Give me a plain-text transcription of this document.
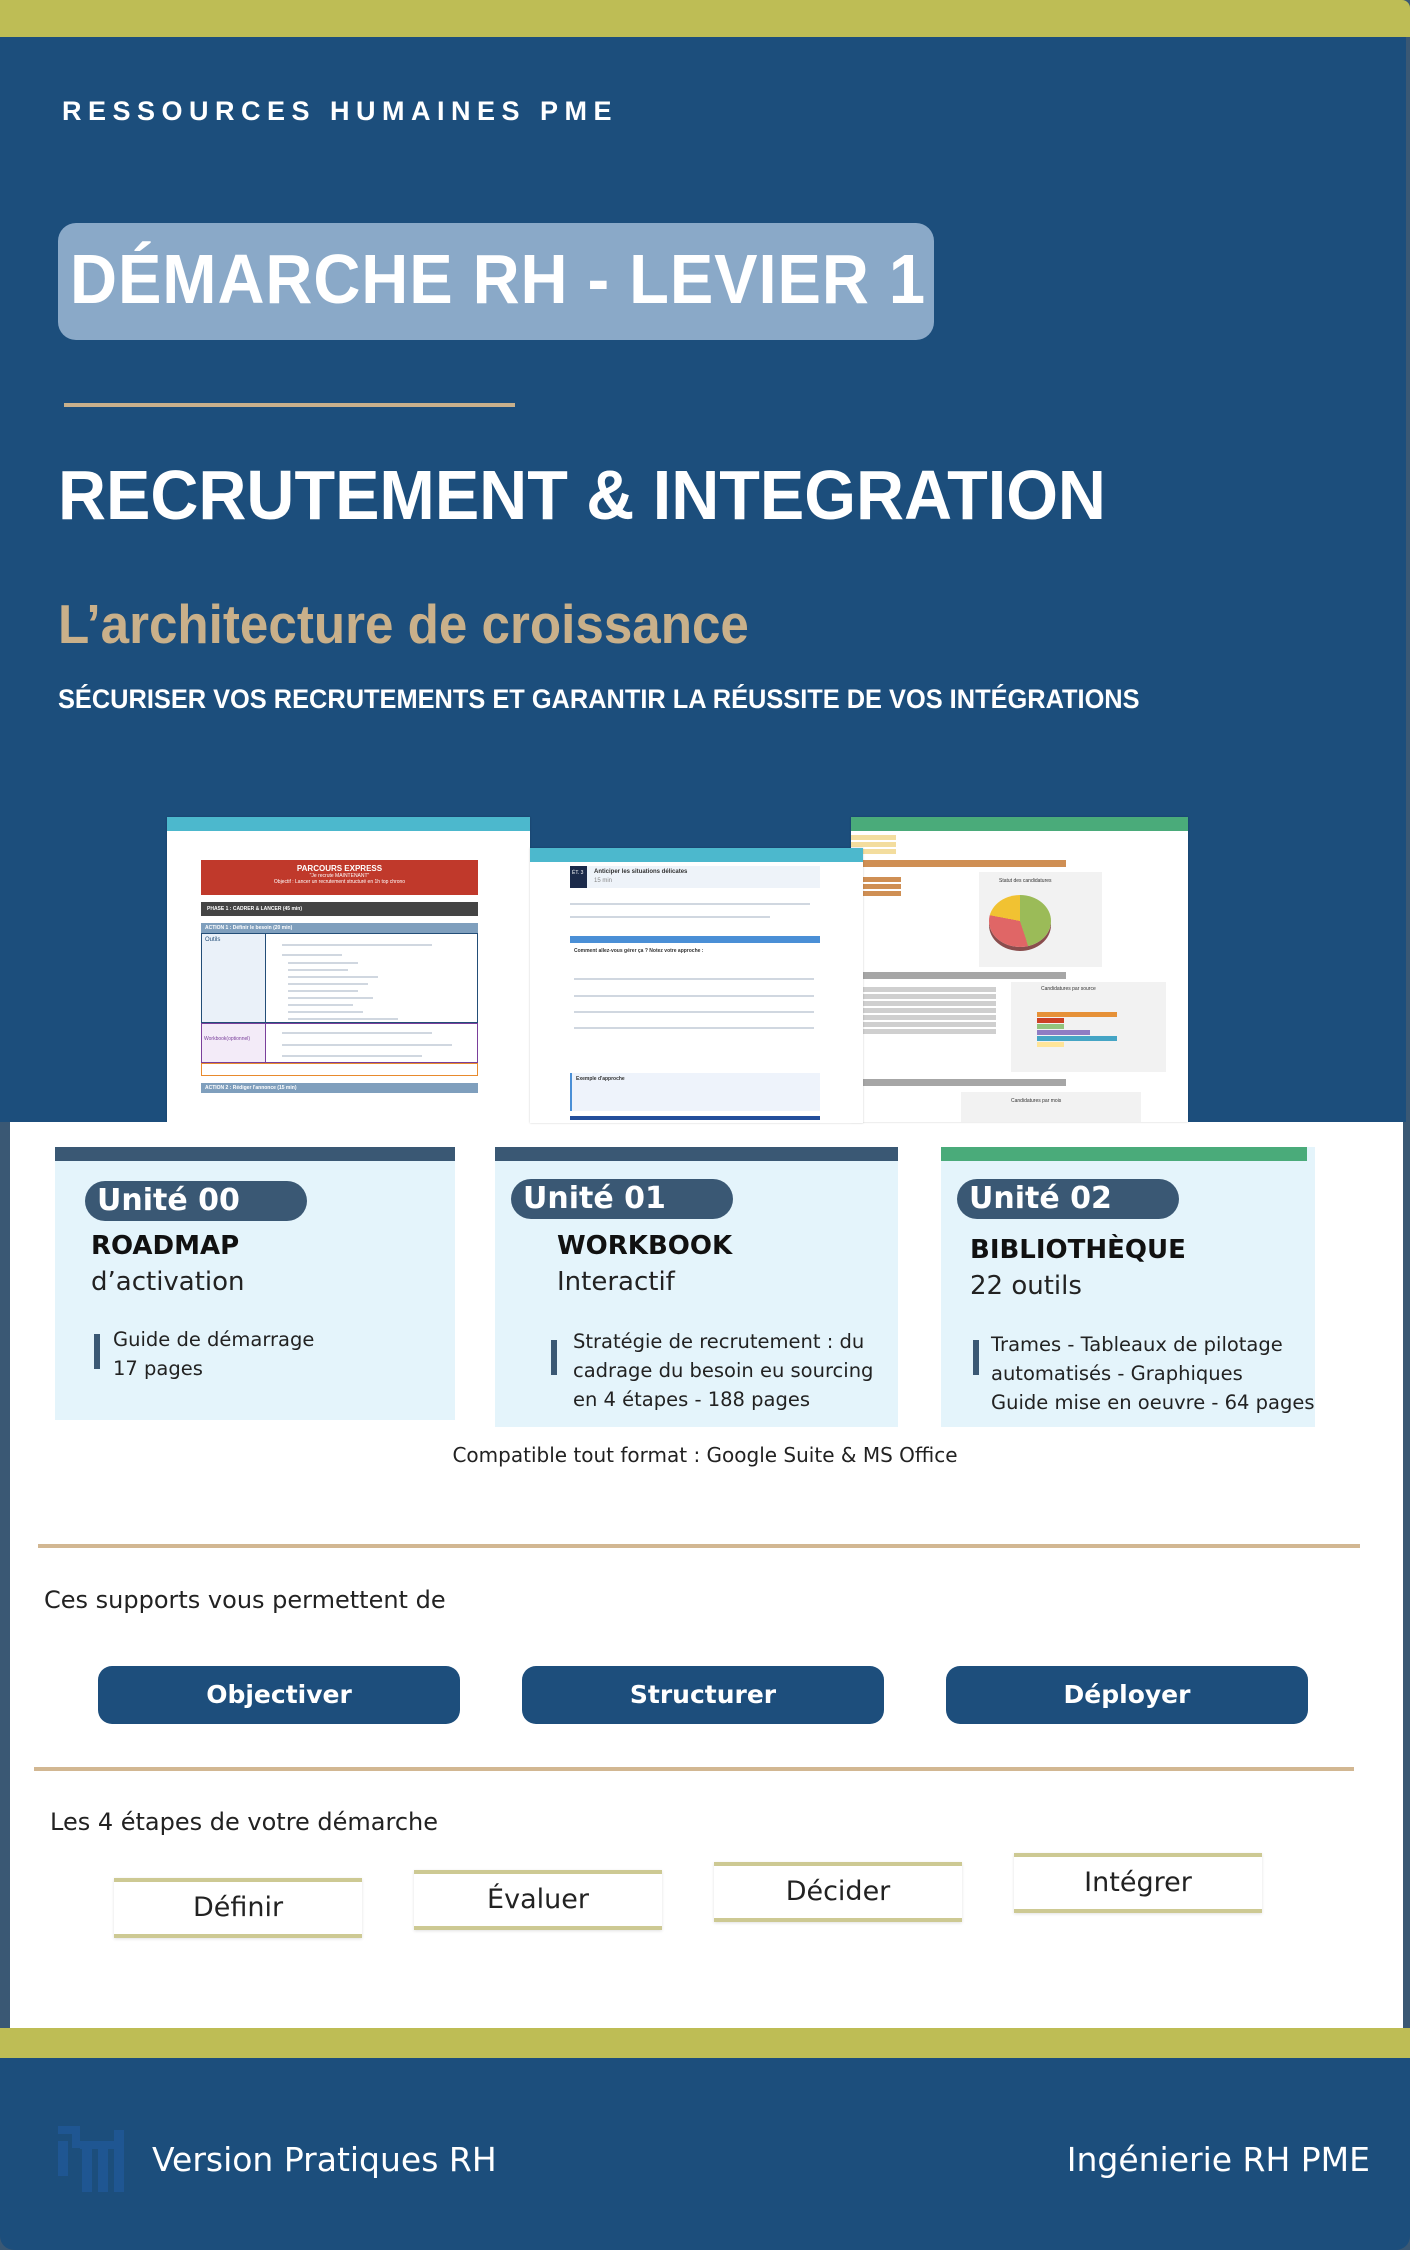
RESSOURCES HUMAINES PME
DÉMARCHE RH - LEVIER 1
RECRUTEMENT & INTEGRATION
L’architecture de croissance
SÉCURISER VOS RECRUTEMENTS ET GARANTIR LA RÉUSSITE DE VOS INTÉGRATIONS
PARCOURS EXPRESS
"Je recrute MAINTENANT"
Objectif : Lancer un recrutement structuré en 1h top chrono
PHASE 1 : CADRER & LANCER (45 min)
ACTION 1 : Définir le besoin (20 min)
Outils
Workbook(optionnel)
ACTION 2 : Rédiger l'annonce (15 min)
Anticiper les situations délicates
15 min
ÉT. 3
Comment allez-vous gérer ça ? Notez votre approche :
Exemple d'approche
Statut des candidatures
Candidatures par source
Candidatures par mois
Unité 00
ROADMAP
d’activation
Guide de démarrage
17 pages
Unité 01
WORKBOOK
Interactif
Stratégie de recrutement : du
cadrage du besoin eu sourcing
en 4 étapes - 188 pages
Unité 02
BIBLIOTHÈQUE
22 outils
Trames - Tableaux de pilotage
automatisés - Graphiques
Guide mise en oeuvre - 64 pages
Compatible tout format : Google Suite & MS Office
Ces supports vous permettent de
Objectiver	Structurer	Déployer
Les 4 étapes de votre démarche
Définir	Évaluer	Décider	Intégrer
Version Pratiques RH	Ingénierie RH PME
